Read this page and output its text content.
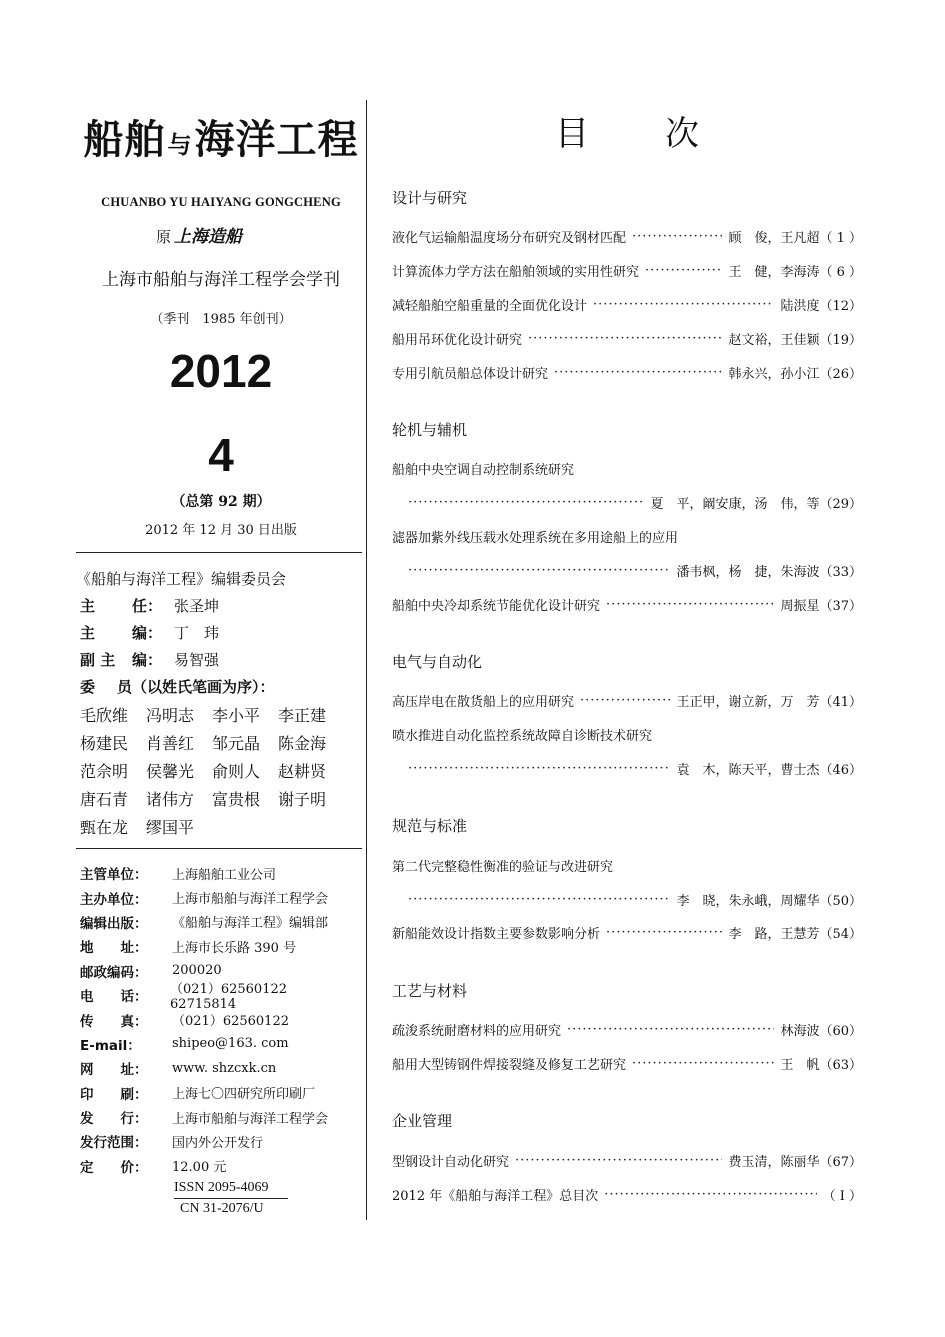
船舶与海洋工程
CHUANBO YU HAIYANG GONGCHENG
原 上海造船
上海市船舶与海洋工程学会学刊
（季刊　1985 年创刊）
2012
4
（总第 92 期）
2012 年 12 月 30 日出版
《船舶与海洋工程》编辑委员会
主 任： 张圣坤
主 编： 丁　玮
副 主 编： 易智强
委 员（以姓氏笔画为序）：
毛欣维	冯明志	李小平	李正建
杨建民	肖善红	邹元晶	陈金海
范佘明	侯馨光	俞则人	赵耕贤
唐石青	诸伟方	富贵根	谢子明
甄在龙	缪国平
主管单位：	上海船舶工业公司
主办单位：	上海市船舶与海洋工程学会
编辑出版：	《船舶与海洋工程》编辑部
地　　址：	上海市长乐路 390 号
邮政编码：	200020
电　　话：	（021）62560122　62715814
传　　真：	（021）62560122
E-mail：	shipeo@163. com
网　　址：	www. shzcxk.cn
印　　刷：	上海七〇四研究所印刷厂
发　　行：	上海市船舶与海洋工程学会
发行范围：	国内外公开发行
定　　价：	12.00 元
ISSN 2095-4069
CN 31-2076/U
目 次
设计与研究
液化气运输船温度场分布研究及钢材匹配 ·····	顾　俊，王凡超（ 1 ）
计算流体力学方法在船舶领域的实用性研究 ·····	王　健，李海涛（ 6 ）
减轻船舶空船重量的全面优化设计 ·····	陆洪度（12）
船用吊环优化设计研究 ·····	赵文裕，王佳颖（19）
专用引航员船总体设计研究 ·····	韩永兴，孙小江（26）
轮机与辅机
船舶中央空调自动控制系统研究
·····
夏　平，阚安康，汤　伟，等（29）
滤器加紫外线压载水处理系统在多用途船上的应用
·····
潘韦枫，杨　捷，朱海波（33）
船舶中央冷却系统节能优化设计研究 ·····	周振星（37）
电气与自动化
高压岸电在散货船上的应用研究 ·····	王正甲，谢立新，万　芳（41）
喷水推进自动化监控系统故障自诊断技术研究
·····
袁　木，陈天平，曹士杰（46）
规范与标准
第二代完整稳性衡准的验证与改进研究
·····
李　晓，朱永峨，周耀华（50）
新船能效设计指数主要参数影响分析 ·····	李　路，王慧芳（54）
工艺与材料
疏浚系统耐磨材料的应用研究 ·····	林海波（60）
船用大型铸钢件焊接裂缝及修复工艺研究 ·····	王　帆（63）
企业管理
型钢设计自动化研究 ·····	费玉清，陈丽华（67）
2012 年《船舶与海洋工程》总目次 ·····	（ Ⅰ ）
